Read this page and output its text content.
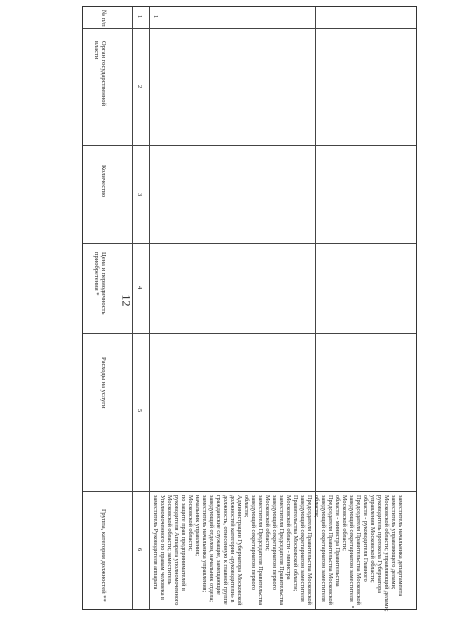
12
№ п/п
Орган государственной власти
Количество
Цена и периодичность приобретения *
Расходы на услуги
Группа, категория должностей **
1
2
3
4
5
6
1
заместитель Руководителя аппарата Уполномоченного по правам человека в Московской области; заместитель руководителя Аппарата уполномоченного по защите прав предпринимателей в Московской области; начальник управления; заместитель начальника управления; заведующий отделом, начальник отдела; гражданские служащие, замещающие должность, отнесенную к главной группе должностей категории «руководители» в Администрации Губернатора Московской области; заведующий секретариатом первого заместителя Председателя Правительства Московской области; заведующий секретариатом первого заместителя Председателя Правительства Московской области - министра Правительства Московской области; заведующий секретариатом заместителя Председателя Правительства Московской области; заведующий секретариатом заместителя Председателя Правительства Московской области - министра Правительства Московской области; заведующий секретариатом заместителя Председателя Правительства Московской области - руководителя Главного управления Московской области; руководитель протокола Губернатора Московской области; управляющий делами; заместитель управляющего делами; заместитель начальника департамента
